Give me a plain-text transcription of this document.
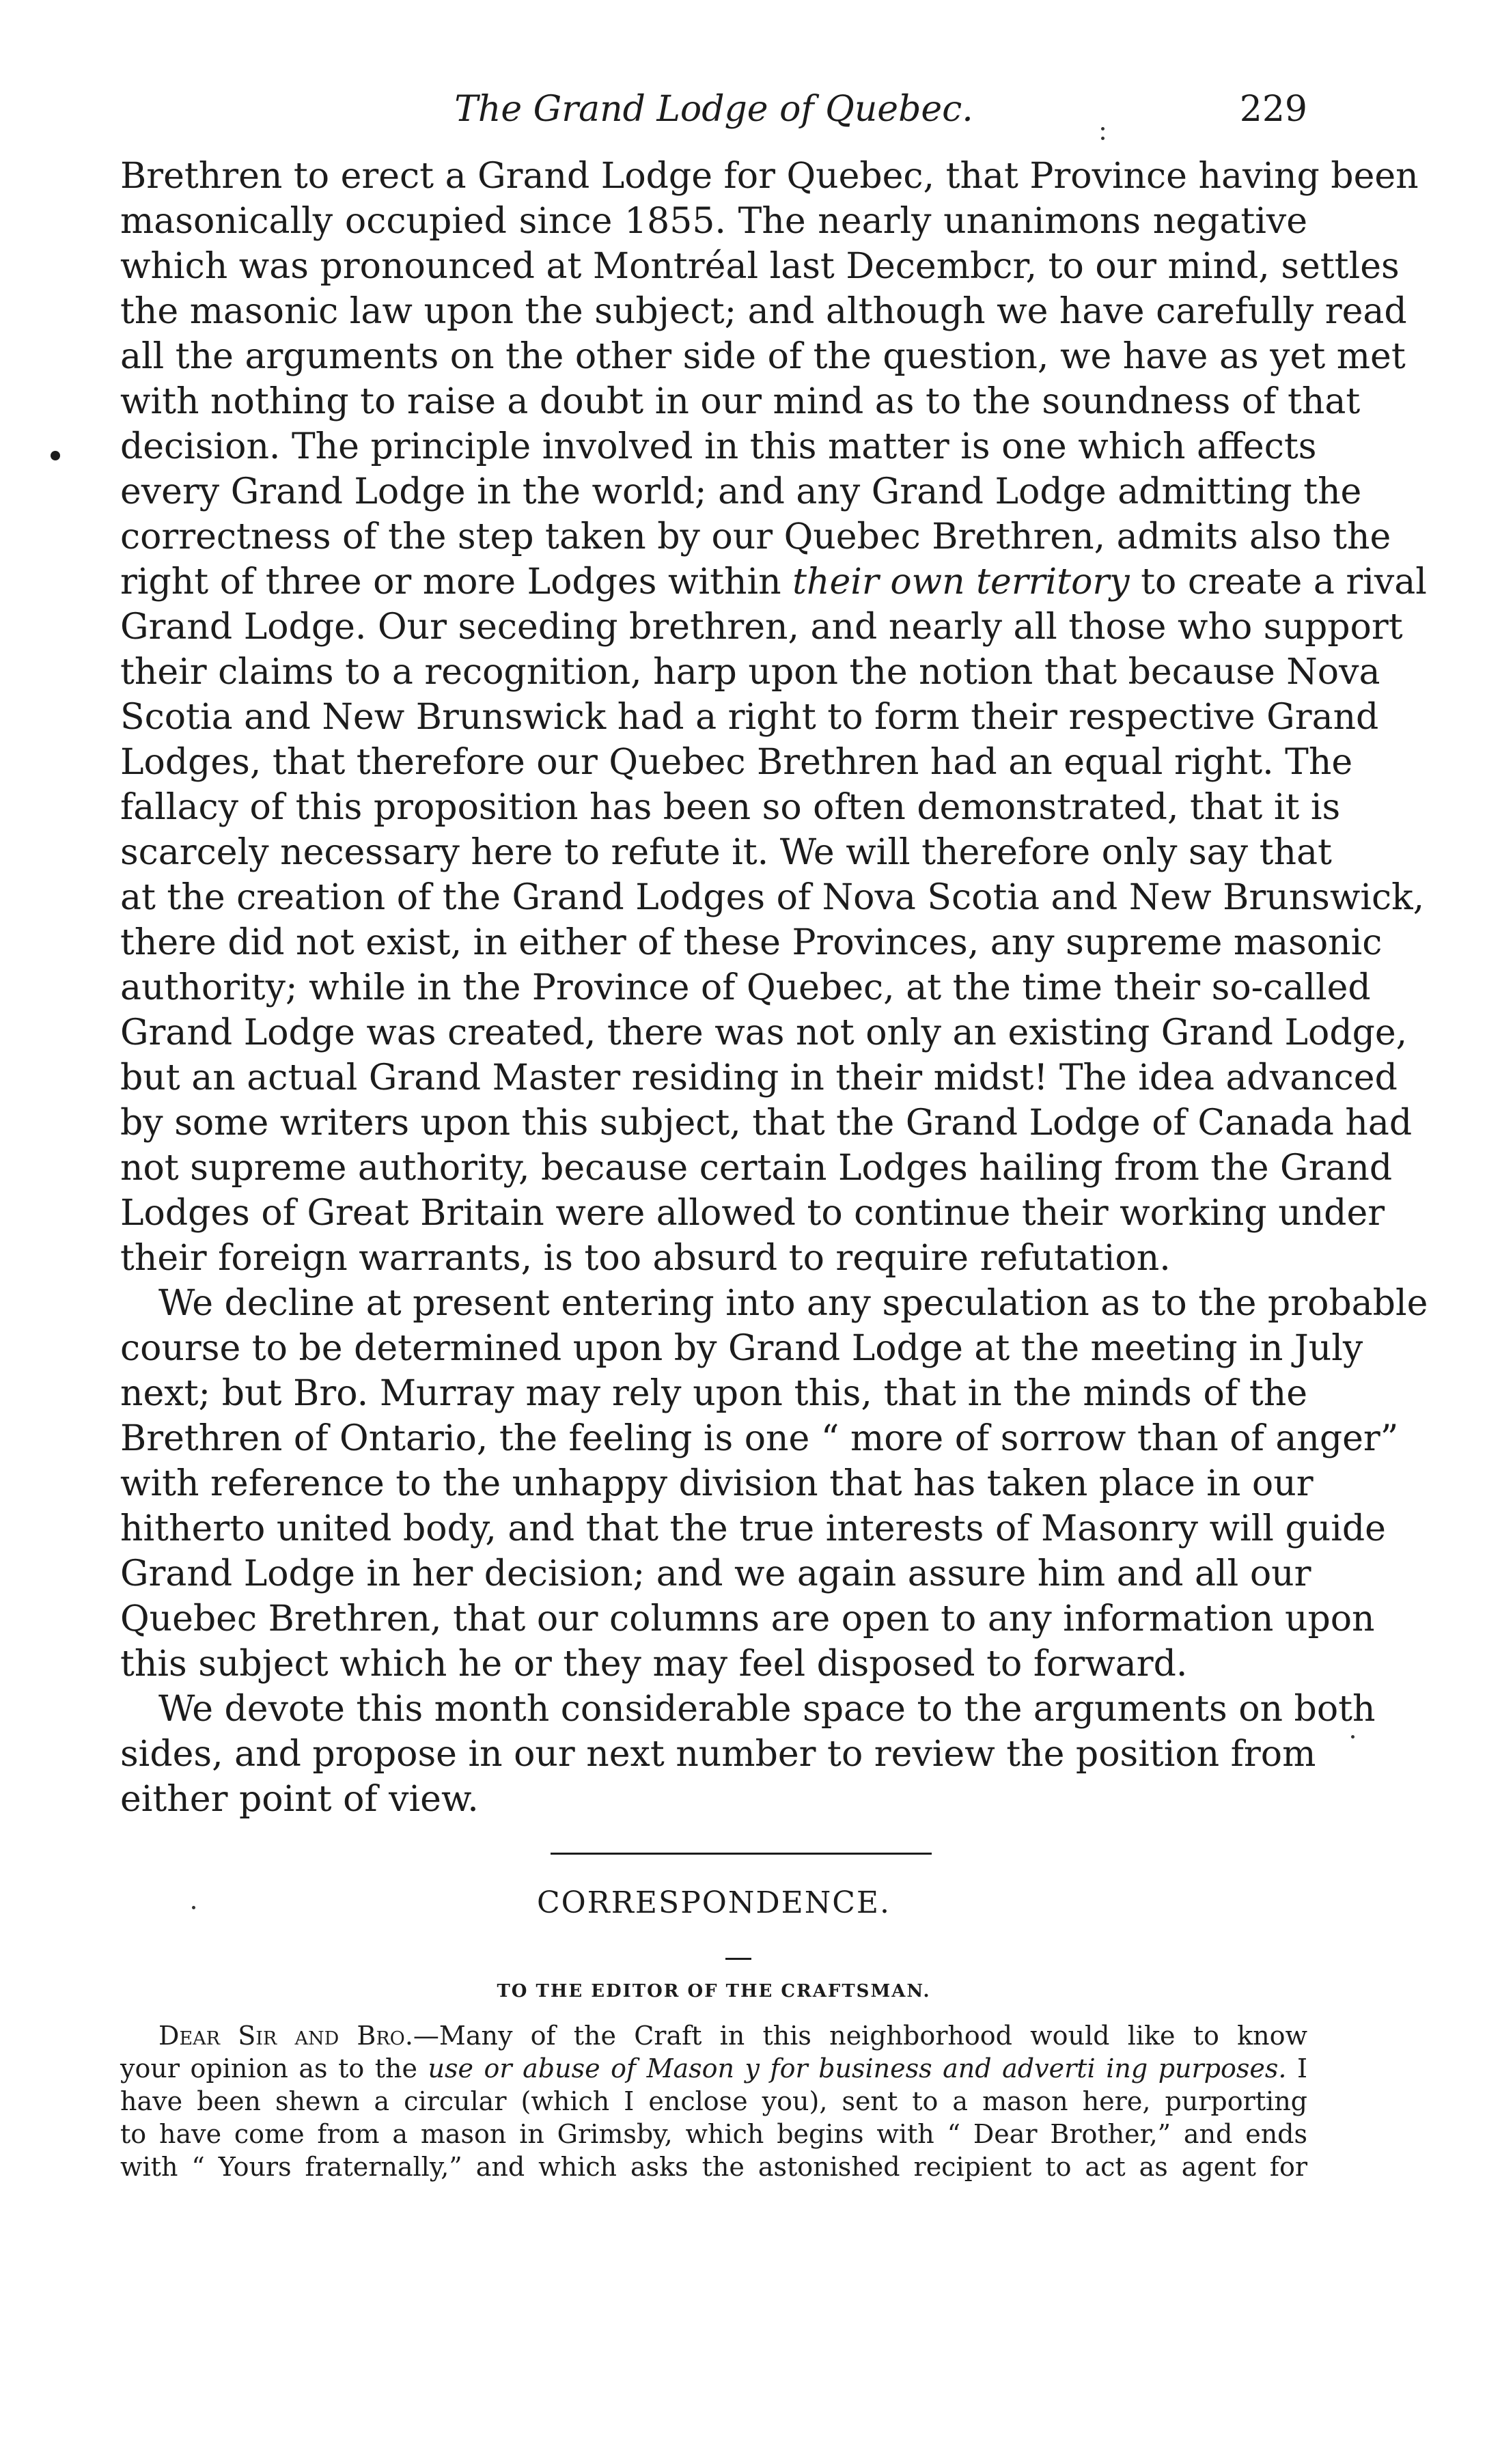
The Grand Lodge of Quebec.	229
Brethren to erect a Grand Lodge for Quebec, that Province having been
masonically occupied since 1855. The nearly unanimons negative
which was pronounced at Montréal last Decembcr, to our mind, settles
the masonic law upon the subject; and although we have carefully read
all the arguments on the other side of the question, we have as yet met
with nothing to raise a doubt in our mind as to the soundness of that
decision. The principle involved in this matter is one which affects
every Grand Lodge in the world; and any Grand Lodge admitting the
correctness of the step taken by our Quebec Brethren, admits also the
right of three or more Lodges within their own territory to create a rival
Grand Lodge. Our seceding brethren, and nearly all those who support
their claims to a recognition, harp upon the notion that because Nova
Scotia and New Brunswick had a right to form their respective Grand
Lodges, that therefore our Quebec Brethren had an equal right. The
fallacy of this proposition has been so often demonstrated, that it is
scarcely necessary here to refute it. We will therefore only say that
at the creation of the Grand Lodges of Nova Scotia and New Brunswick,
there did not exist, in either of these Provinces, any supreme masonic
authority; while in the Province of Quebec, at the time their so-called
Grand Lodge was created, there was not only an existing Grand Lodge,
but an actual Grand Master residing in their midst! The idea advanced
by some writers upon this subject, that the Grand Lodge of Canada had
not supreme authority, because certain Lodges hailing from the Grand
Lodges of Great Britain were allowed to continue their working under
their foreign warrants, is too absurd to require refutation.
We decline at present entering into any speculation as to the probable
course to be determined upon by Grand Lodge at the meeting in July
next; but Bro. Murray may rely upon this, that in the minds of the
Brethren of Ontario, the feeling is one “ more of sorrow than of anger”
with reference to the unhappy division that has taken place in our
hitherto united body, and that the true interests of Masonry will guide
Grand Lodge in her decision; and we again assure him and all our
Quebec Brethren, that our columns are open to any information upon
this subject which he or they may feel disposed to forward.
We devote this month considerable space to the arguments on both
sides, and propose in our next number to review the position from
either point of view.
CORRESPONDENCE.
TO THE EDITOR OF THE CRAFTSMAN.
Dear Sir and Bro.—Many of the Craft in this neighborhood would like to know
your opinion as to the use or abuse of Mason y for business and adverti ing purposes. I
have been shewn a circular (which I enclose you), sent to a mason here, purporting
to have come from a mason in Grimsby, which begins with “ Dear Brother,” and ends
with “ Yours fraternally,” and which asks the astonished recipient to act as agent for
